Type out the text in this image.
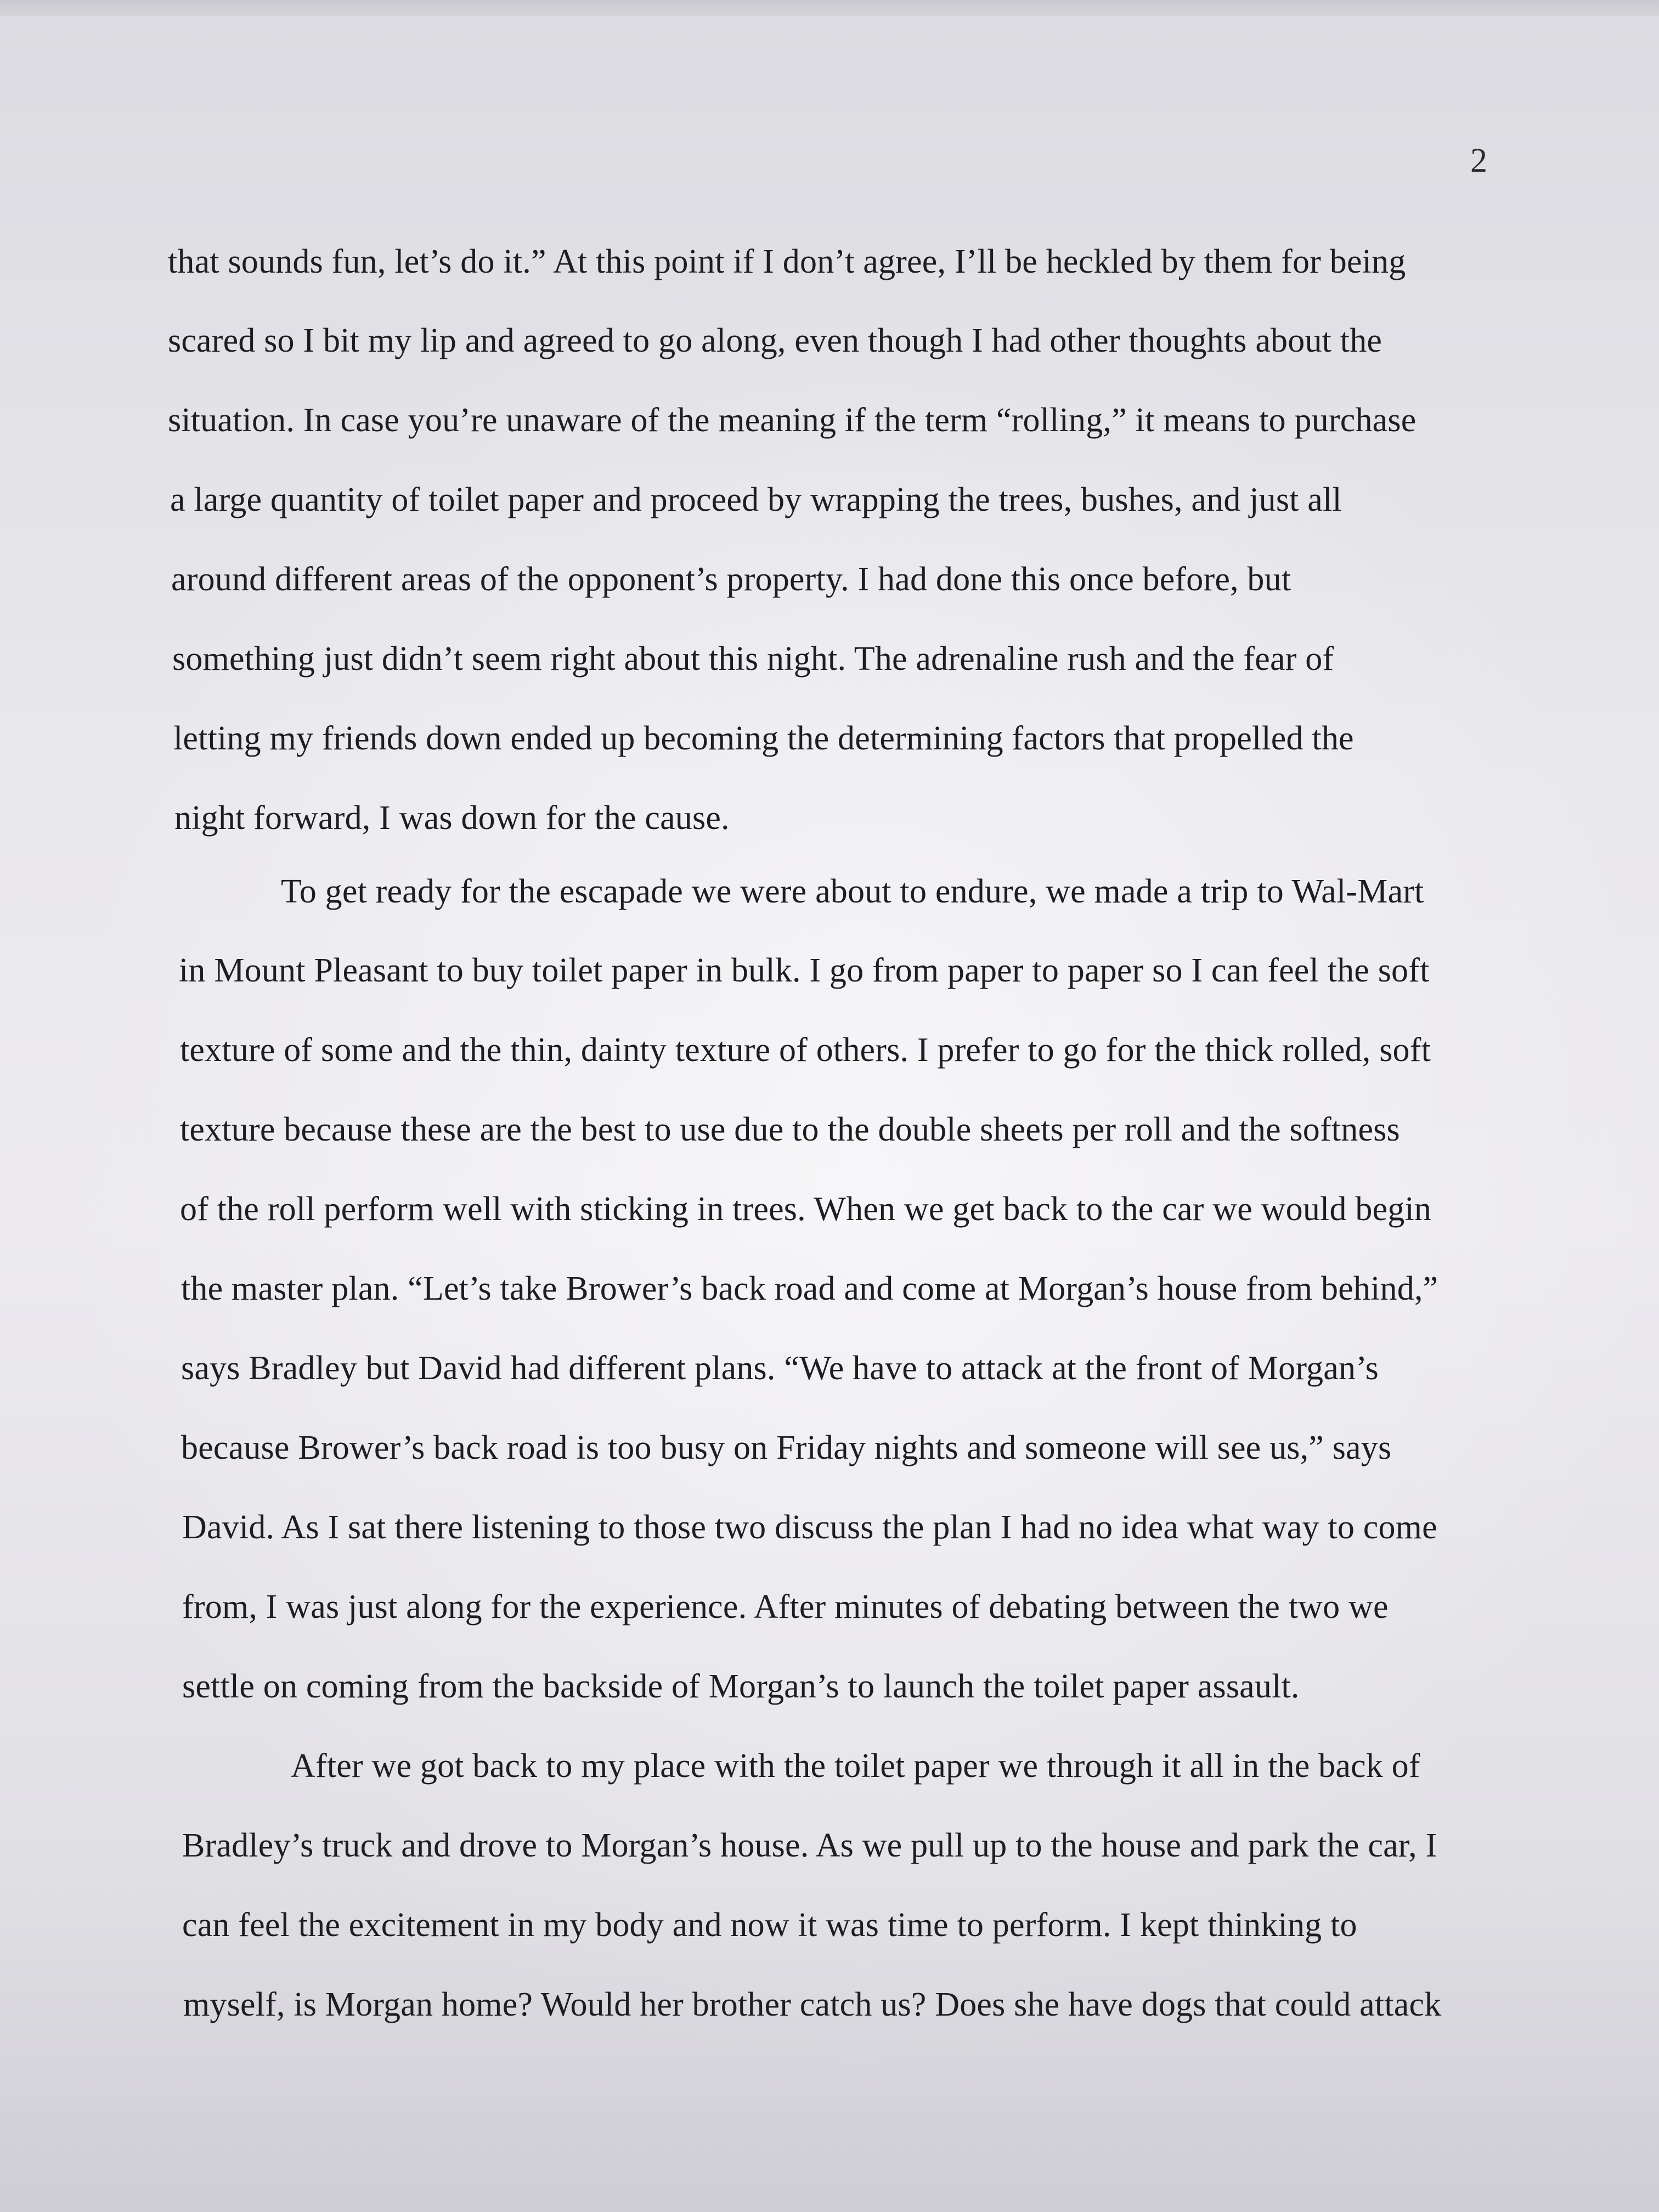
2
that sounds fun, let’s do it.” At this point if I don’t agree, I’ll be heckled by them for being
scared so I bit my lip and agreed to go along, even though I had other thoughts about the
situation. In case you’re unaware of the meaning if the term “rolling,” it means to purchase
a large quantity of toilet paper and proceed by wrapping the trees, bushes, and just all
around different areas of the opponent’s property. I had done this once before, but
something just didn’t seem right about this night. The adrenaline rush and the fear of
letting my friends down ended up becoming the determining factors that propelled the
night forward, I was down for the cause.
To get ready for the escapade we were about to endure, we made a trip to Wal-Mart
in Mount Pleasant to buy toilet paper in bulk. I go from paper to paper so I can feel the soft
texture of some and the thin, dainty texture of others. I prefer to go for the thick rolled, soft
texture because these are the best to use due to the double sheets per roll and the softness
of the roll perform well with sticking in trees. When we get back to the car we would begin
the master plan. “Let’s take Brower’s back road and come at Morgan’s house from behind,”
says Bradley but David had different plans. “We have to attack at the front of Morgan’s
because Brower’s back road is too busy on Friday nights and someone will see us,” says
David. As I sat there listening to those two discuss the plan I had no idea what way to come
from, I was just along for the experience. After minutes of debating between the two we
settle on coming from the backside of Morgan’s to launch the toilet paper assault.
After we got back to my place with the toilet paper we through it all in the back of
Bradley’s truck and drove to Morgan’s house. As we pull up to the house and park the car, I
can feel the excitement in my body and now it was time to perform. I kept thinking to
myself, is Morgan home? Would her brother catch us? Does she have dogs that could attack
